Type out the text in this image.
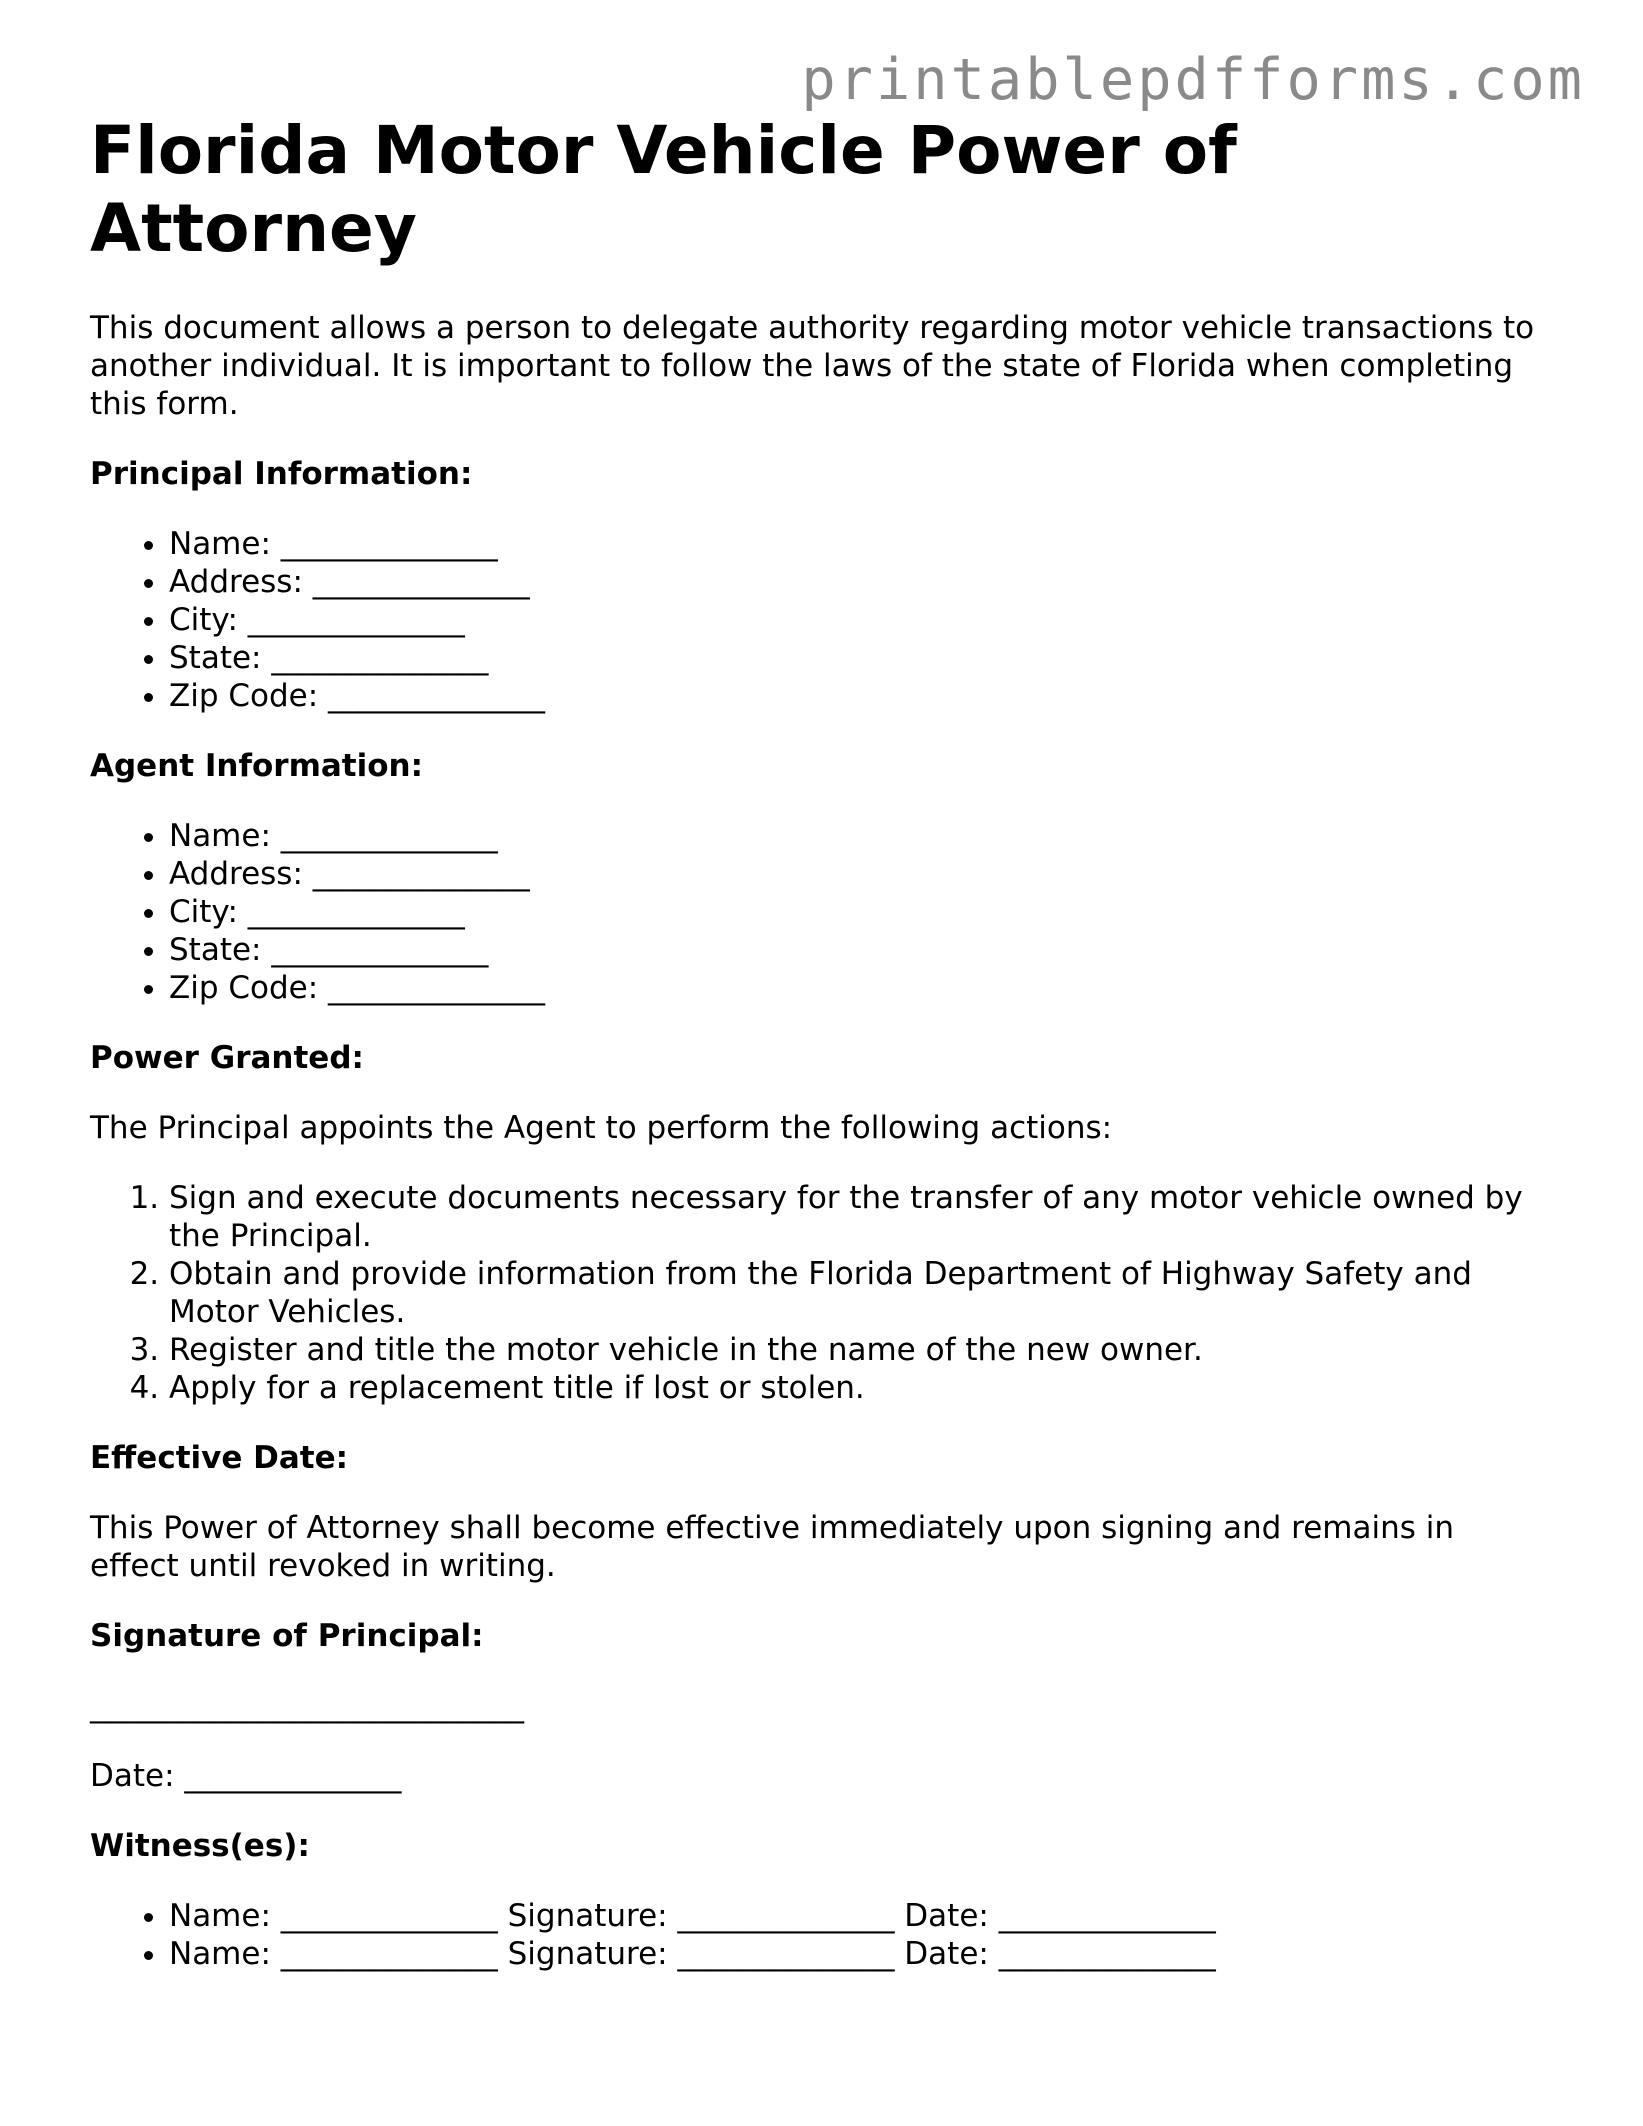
printablepdfforms.com
Florida Motor Vehicle Power of Attorney

This document allows a person to delegate authority regarding motor vehicle transactions to another individual. It is important to follow the laws of the state of Florida when completing this form.

Principal Information:
• Name: ______________
• Address: ______________
• City: ______________
• State: ______________
• Zip Code: ______________
Agent Information:
• Name: ______________
• Address: ______________
• City: ______________
• State: ______________
• Zip Code: ______________
Power Granted:

The Principal appoints the Agent to perform the following actions:

1. Sign and execute documents necessary for the transfer of any motor vehicle owned by the Principal.
2. Obtain and provide information from the Florida Department of Highway Safety and Motor Vehicles.
3. Register and title the motor vehicle in the name of the new owner.
4. Apply for a replacement title if lost or stolen.
Effective Date:

This Power of Attorney shall become effective immediately upon signing and remains in effect until revoked in writing.

Signature of Principal:

____________________________

Date: ______________

Witness(es):
• Name: ______________ Signature: ______________ Date: ______________
• Name: ______________ Signature: ______________ Date: ______________
